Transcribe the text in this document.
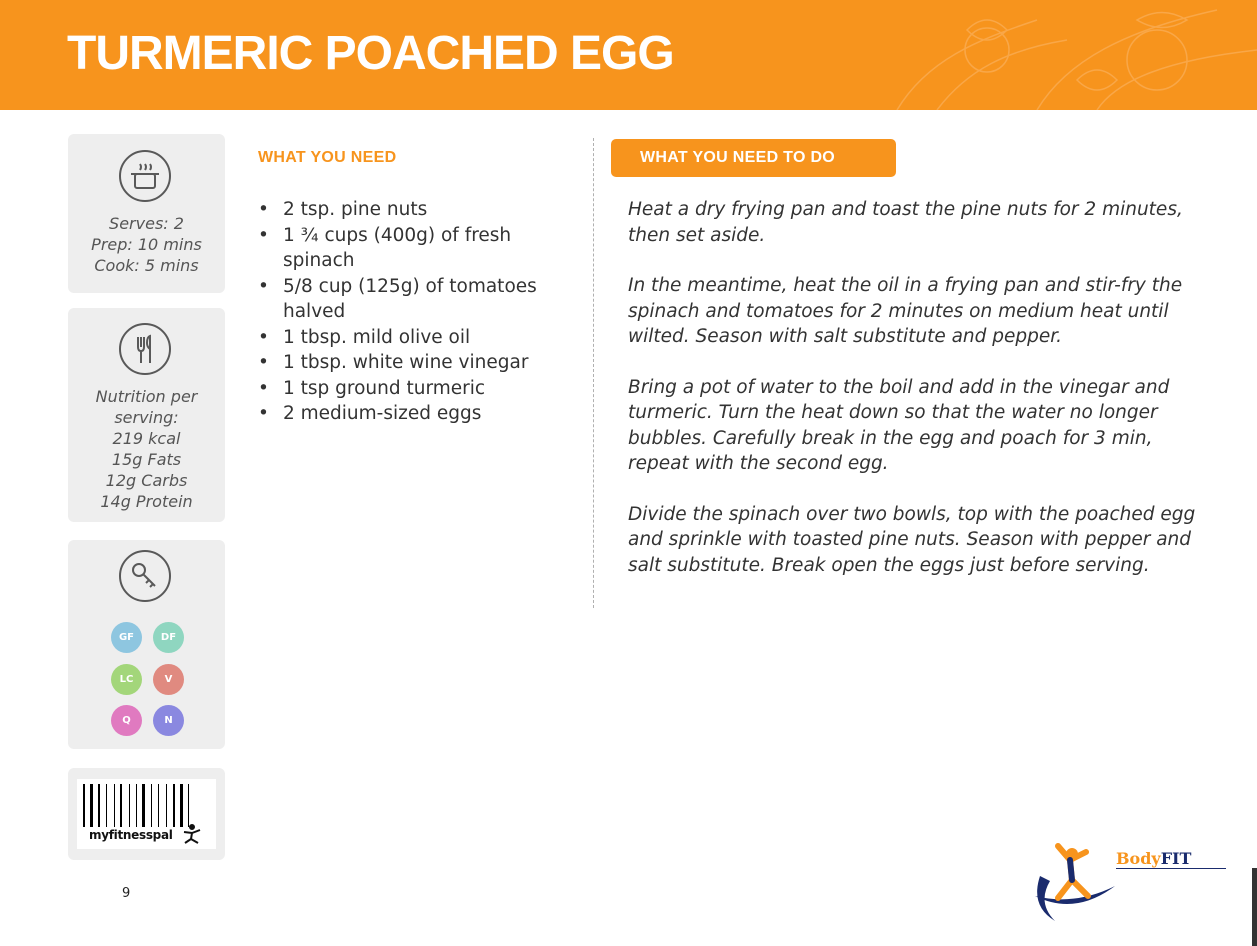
TURMERIC POACHED EGG
Serves: 2
Prep: 10 mins
Cook: 5 mins
Nutrition per
serving:
219 kcal
15g Fats
12g Carbs
14g Protein
GF	DF
LC	V
Q	N
myfitnesspal
9
WHAT YOU NEED
• 2 tsp. pine nuts
• 1 ¾ cups (400g) of fresh spinach
• 5/8 cup (125g) of tomatoes halved
• 1 tbsp. mild olive oil
• 1 tbsp. white wine vinegar
• 1 tsp ground turmeric
• 2 medium-sized eggs
WHAT YOU NEED TO DO

Heat a dry frying pan and toast the pine nuts for 2 minutes, then set aside.

In the meantime, heat the oil in a frying pan and stir-fry the spinach and tomatoes for 2 minutes on medium heat until wilted. Season with salt substitute and pepper.

Bring a pot of water to the boil and add in the vinegar and turmeric. Turn the heat down so that the water no longer bubbles. Carefully break in the egg and poach for 3 min, repeat with the second egg.

Divide the spinach over two bowls, top with the poached egg and sprinkle with toasted pine nuts. Season with pepper and salt substitute. Break open the eggs just before serving.

BodyFIT
